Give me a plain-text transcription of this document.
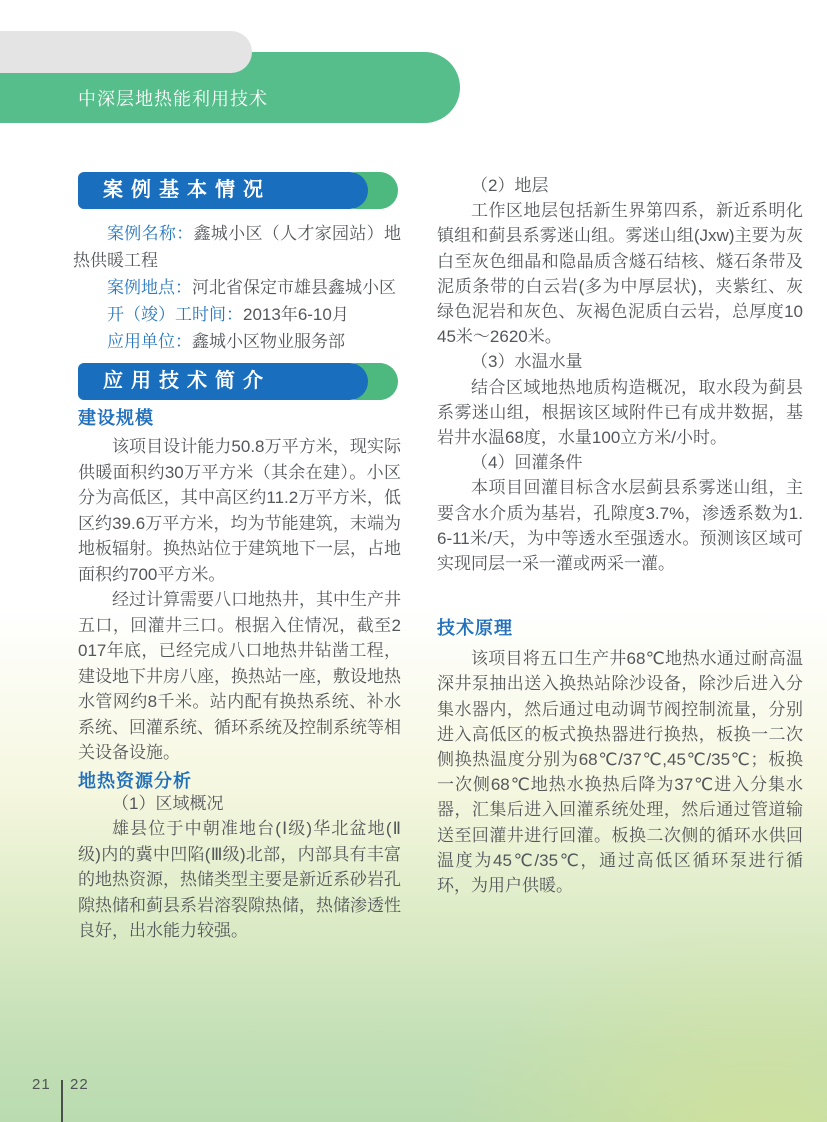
中深层地热能利用技术
案例基本情况

案例名称：鑫城小区（人才家园站）地热供暖工程

案例地点：河北省保定市雄县鑫城小区

开（竣）工时间：2013年6-10月

应用单位：鑫城小区物业服务部

应用技术简介
建设规模

该项目设计能力50.8万平方米，现实际供暖面积约30万平方米（其余在建）。小区分为高低区，其中高区约11.2万平方米，低区约39.6万平方米，均为节能建筑，末端为地板辐射。换热站位于建筑地下一层，占地面积约700平方米。

经过计算需要八口地热井，其中生产井五口，回灌井三口。根据入住情况，截至2017年底，已经完成八口地热井钻凿工程，建设地下井房八座，换热站一座，敷设地热水管网约8千米。站内配有换热系统、补水系统、回灌系统、循环系统及控制系统等相关设备设施。

地热资源分析

（1）区域概况

雄县位于中朝准地台(Ⅰ级)华北盆地(Ⅱ级)内的冀中凹陷(Ⅲ级)北部，内部具有丰富的地热资源，热储类型主要是新近系砂岩孔隙热储和蓟县系岩溶裂隙热储，热储渗透性良好，出水能力较强。

（2）地层

工作区地层包括新生界第四系，新近系明化镇组和蓟县系雾迷山组。雾迷山组(Jxw)主要为灰白至灰色细晶和隐晶质含燧石结核、燧石条带及泥质条带的白云岩(多为中厚层状)，夹紫红、灰绿色泥岩和灰色、灰褐色泥质白云岩，总厚度1045米～2620米。

（3）水温水量

结合区域地热地质构造概况，取水段为蓟县系雾迷山组，根据该区域附件已有成井数据，基岩井水温68度，水量100立方米/小时。

（4）回灌条件

本项目回灌目标含水层蓟县系雾迷山组，主要含水介质为基岩，孔隙度3.7%，渗透系数为1.6-11米/天，为中等透水至强透水。预测该区域可实现同层一采一灌或两采一灌。

技术原理

该项目将五口生产井68℃地热水通过耐高温深井泵抽出送入换热站除沙设备，除沙后进入分集水器内，然后通过电动调节阀控制流量，分别进入高低区的板式换热器进行换热，板换一二次侧换热温度分别为68℃/37℃,45℃/35℃；板换一次侧68℃地热水换热后降为37℃进入分集水器，汇集后进入回灌系统处理，然后通过管道输送至回灌井进行回灌。板换二次侧的循环水供回温度为45℃/35℃，通过高低区循环泵进行循环，为用户供暖。

21 22
